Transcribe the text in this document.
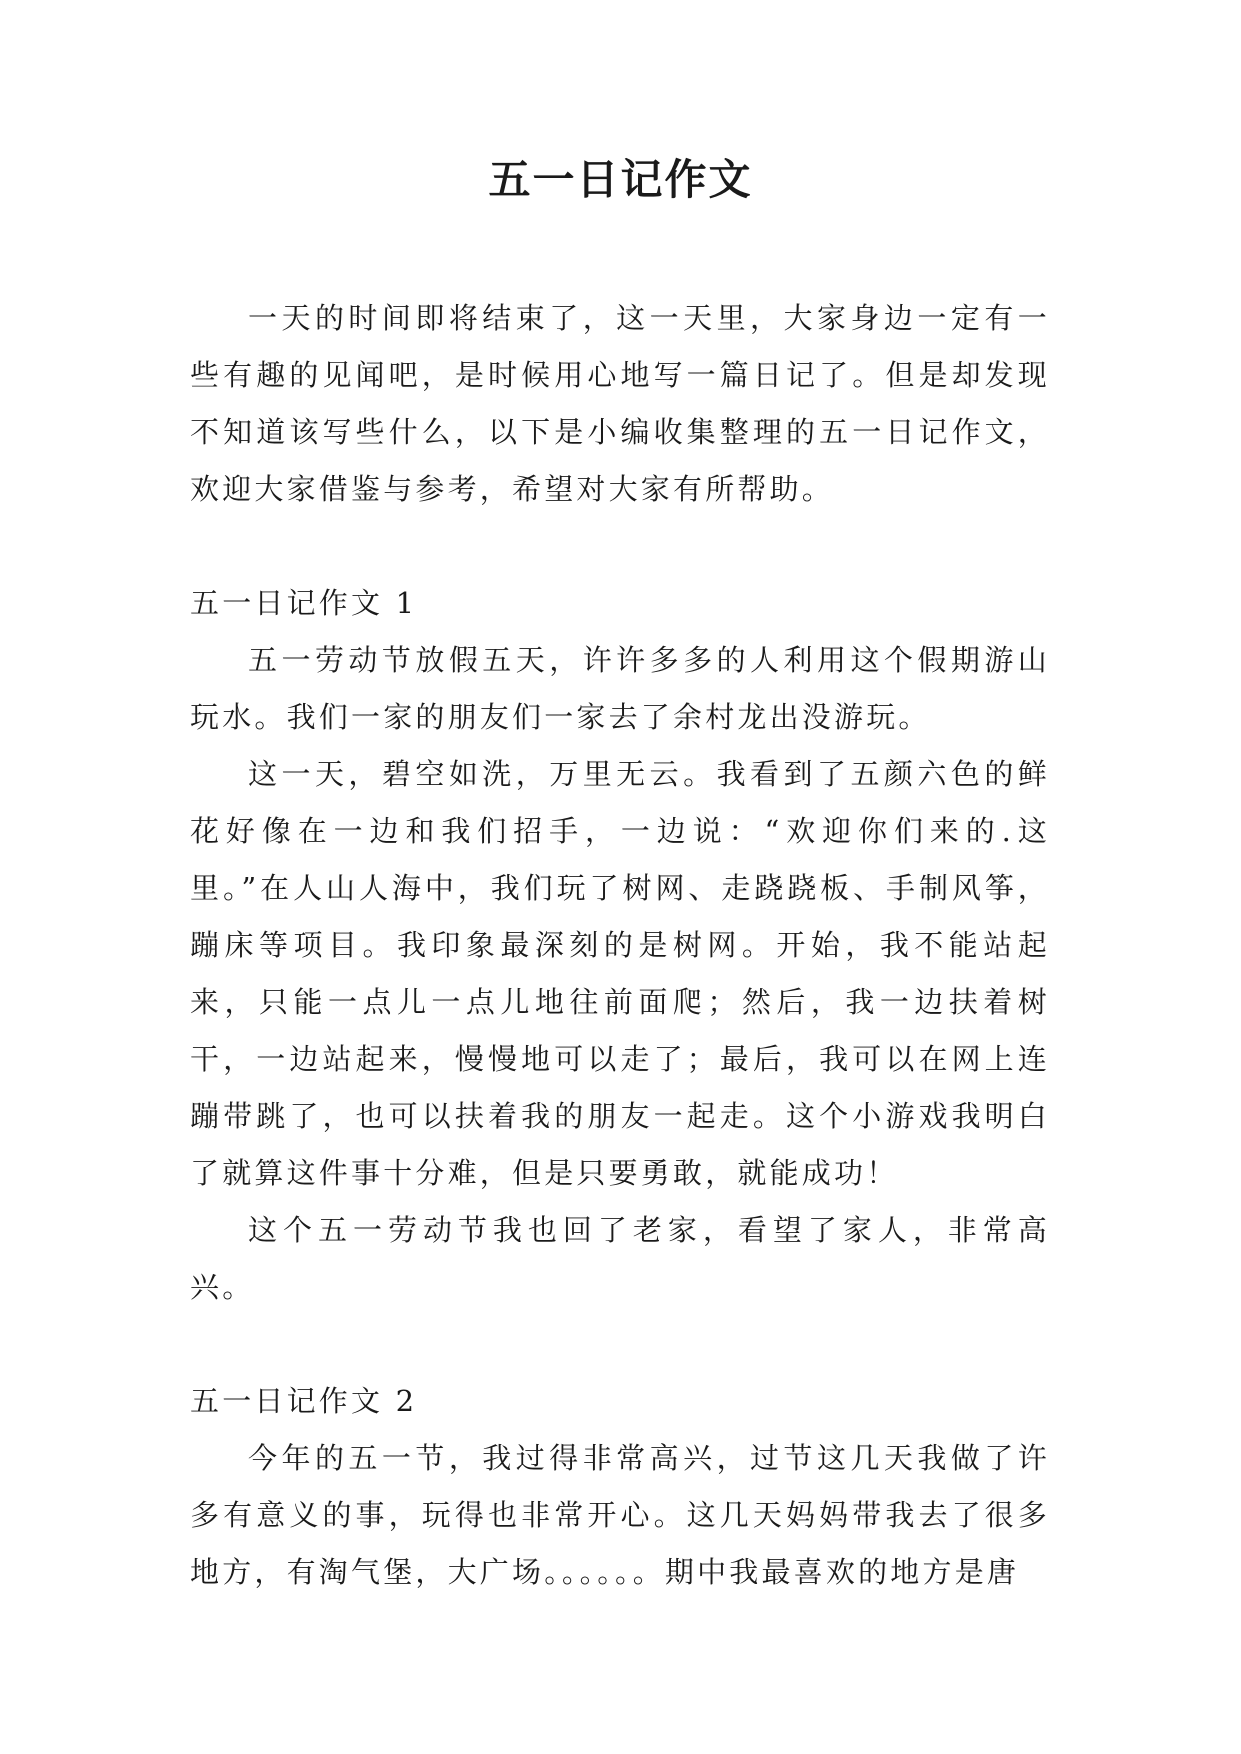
五一日记作文

一天的时间即将结束了，这一天里，大家身边一定有一些有趣的见闻吧，是时候用心地写一篇日记了。但是却发现不知道该写些什么，以下是小编收集整理的五一日记作文，欢迎大家借鉴与参考，希望对大家有所帮助。

五一日记作文 1

五一劳动节放假五天，许许多多的人利用这个假期游山玩水。我们一家的朋友们一家去了余村龙出没游玩。

这一天，碧空如洗，万里无云。我看到了五颜六色的鲜花好像在一边和我们招手，一边说：“欢迎你们来的.这里。”在人山人海中，我们玩了树网、走跷跷板、手制风筝，蹦床等项目。我印象最深刻的是树网。开始，我不能站起来，只能一点儿一点儿地往前面爬；然后，我一边扶着树干，一边站起来，慢慢地可以走了；最后，我可以在网上连蹦带跳了，也可以扶着我的朋友一起走。这个小游戏我明白了就算这件事十分难，但是只要勇敢，就能成功！

这个五一劳动节我也回了老家，看望了家人，非常高兴。

五一日记作文 2

今年的五一节，我过得非常高兴，过节这几天我做了许多有意义的事，玩得也非常开心。这几天妈妈带我去了很多地方，有淘气堡，大广场。。。。。。期中我最喜欢的地方是唐
